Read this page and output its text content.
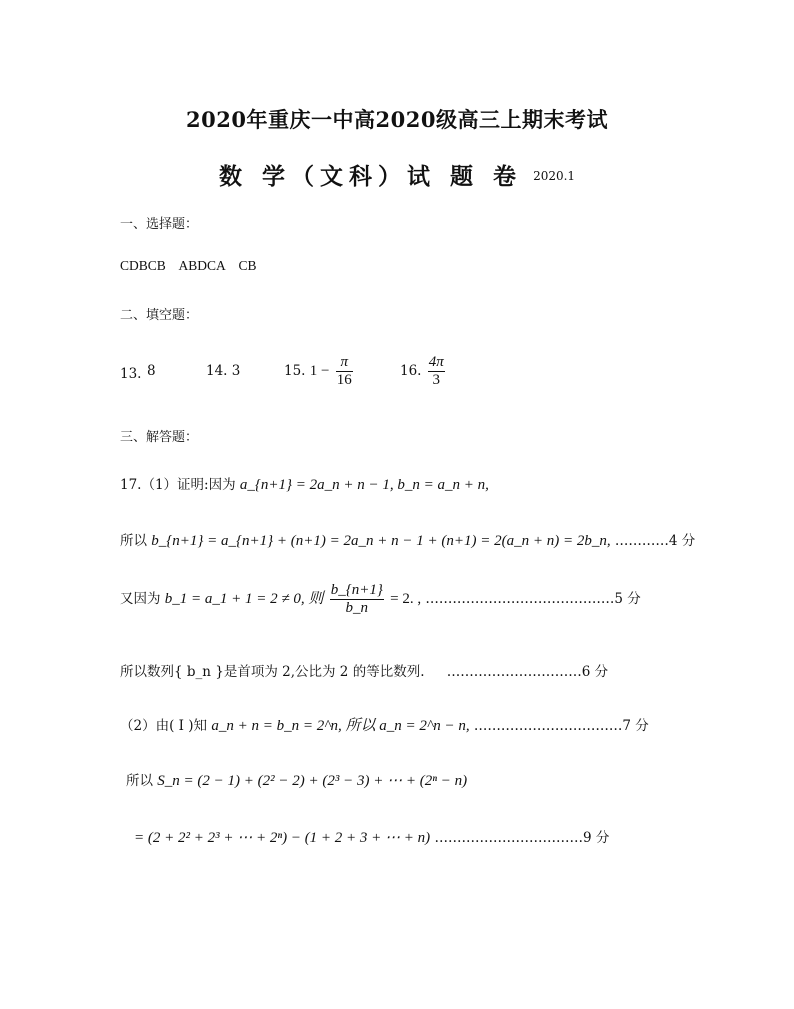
2020年重庆一中高2020级高三上期末考试
数 学（文科）试 题 卷 $^{2020.1}$
一、选择题：
CDBCB    ABDCA    CB
二、填空题：
13. 8	14. 3	15. $1 - \frac{\pi}{16}$	16. $\frac{4\pi}{3}$
三、解答题：
17.（1）证明:因为 a_{n+1} = 2a_n + n − 1, b_n = a_n + n,
所以 b_{n+1} = a_{n+1} + (n+1) = 2a_n + n − 1 + (n+1) = 2(a_n + n) = 2b_n, …………4 分
又因为 b_1 = a_1 + 1 = 2 ≠ 0, 则 $\frac{b\_\{n+1\}}{b\_n} = 2$. , ……………………………………5 分
所以数列{ b_n }是首项为 2,公比为 2 的等比数列. …………………………6 分
（2）由( I )知 a_n + n = b_n = 2^n, 所以 a_n = 2^n − n, ……………………………7 分
所以 S_n = (2 − 1) + (2² − 2) + (2³ − 3) + ⋯ + (2ⁿ − n)
= (2 + 2² + 2³ + ⋯ + 2ⁿ) − (1 + 2 + 3 + ⋯ + n) ……………………………9 分
